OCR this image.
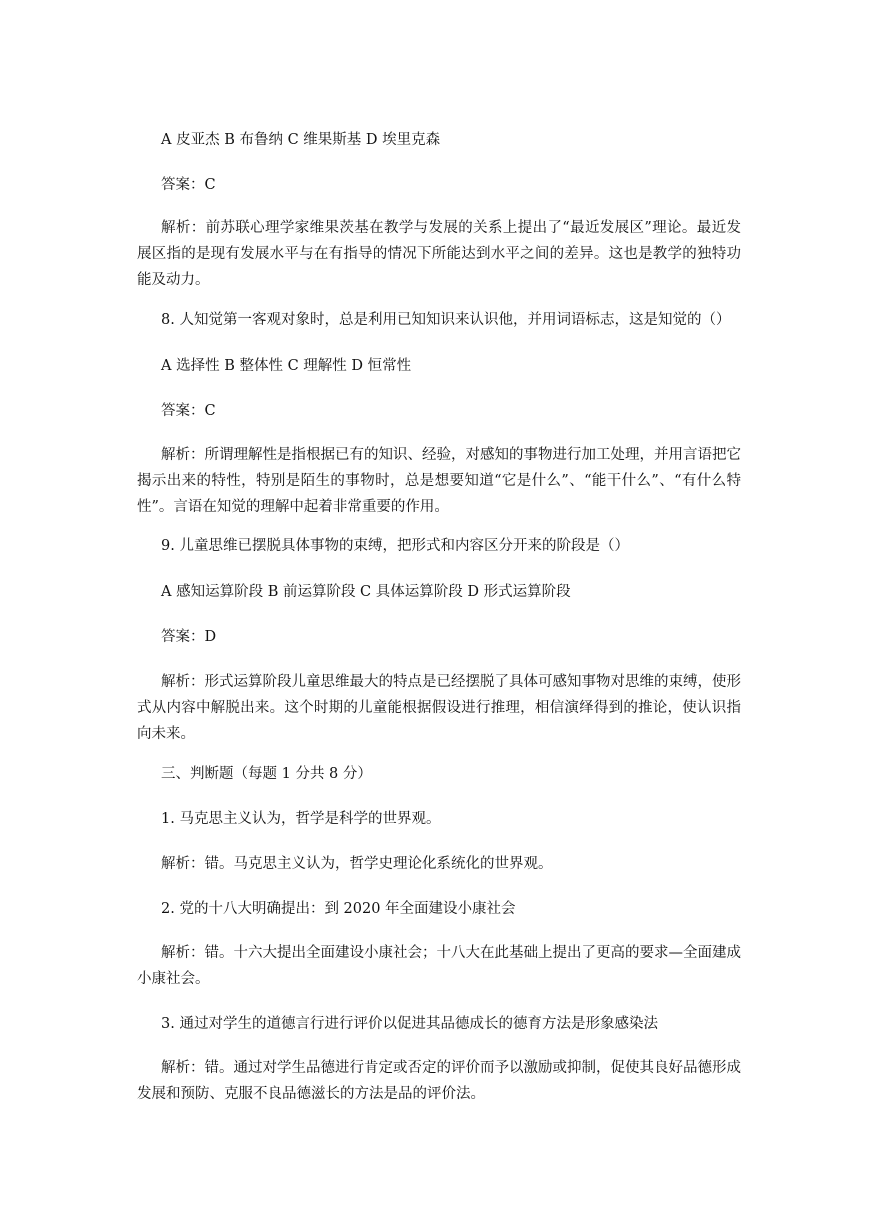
A 皮亚杰 B 布鲁纳 C 维果斯基 D 埃里克森

答案：C

解析：前苏联心理学家维果茨基在教学与发展的关系上提出了“最近发展区”理论。最近发展区指的是现有发展水平与在有指导的情况下所能达到水平之间的差异。这也是教学的独特功能及动力。

8. 人知觉第一客观对象时，总是利用已知知识来认识他，并用词语标志，这是知觉的（）

A 选择性 B 整体性 C 理解性 D 恒常性

答案：C

解析：所谓理解性是指根据已有的知识、经验，对感知的事物进行加工处理，并用言语把它揭示出来的特性，特别是陌生的事物时，总是想要知道“它是什么”、“能干什么”、“有什么特性”。言语在知觉的理解中起着非常重要的作用。

9. 儿童思维已摆脱具体事物的束缚，把形式和内容区分开来的阶段是（）

A 感知运算阶段 B 前运算阶段 C 具体运算阶段 D 形式运算阶段

答案：D

解析：形式运算阶段儿童思维最大的特点是已经摆脱了具体可感知事物对思维的束缚，使形式从内容中解脱出来。这个时期的儿童能根据假设进行推理，相信演绎得到的推论，使认识指向未来。

三、判断题（每题 1 分共 8 分）

1. 马克思主义认为，哲学是科学的世界观。

解析：错。马克思主义认为，哲学史理论化系统化的世界观。

2. 党的十八大明确提出：到 2020 年全面建设小康社会

解析：错。十六大提出全面建设小康社会；十八大在此基础上提出了更高的要求—全面建成小康社会。

3. 通过对学生的道德言行进行评价以促进其品德成长的德育方法是形象感染法

解析：错。通过对学生品德进行肯定或否定的评价而予以激励或抑制，促使其良好品德形成发展和预防、克服不良品德滋长的方法是品的评价法。
